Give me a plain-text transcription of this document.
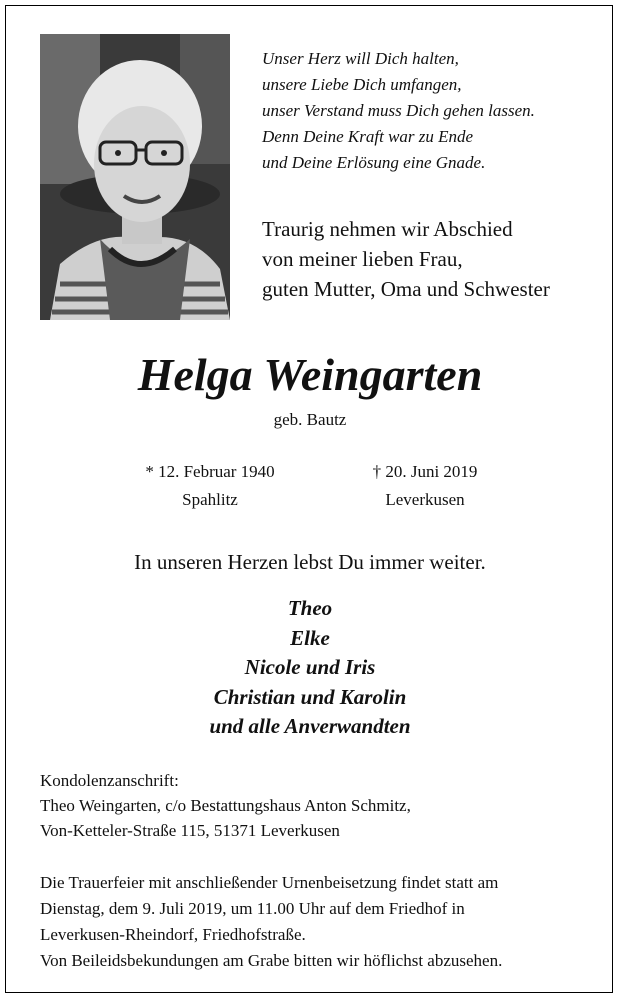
Unser Herz will Dich halten,
unsere Liebe Dich umfangen,
unser Verstand muss Dich gehen lassen.
Denn Deine Kraft war zu Ende
und Deine Erlösung eine Gnade.
Traurig nehmen wir Abschied
von meiner lieben Frau,
guten Mutter, Oma und Schwester
Helga Weingarten
geb. Bautz
* 12. Februar 1940
Spahlitz
† 20. Juni 2019
Leverkusen
In unseren Herzen lebst Du immer weiter.
Theo
Elke
Nicole und Iris
Christian und Karolin
und alle Anverwandten
Kondolenzanschrift:
Theo Weingarten, c/o Bestattungshaus Anton Schmitz,
Von-Ketteler-Straße 115, 51371 Leverkusen
Die Trauerfeier mit anschließender Urnenbeisetzung findet statt am
Dienstag, dem 9. Juli 2019, um 11.00 Uhr auf dem Friedhof in
Leverkusen-Rheindorf, Friedhofstraße.
Von Beileidsbekundungen am Grabe bitten wir höflichst abzusehen.
